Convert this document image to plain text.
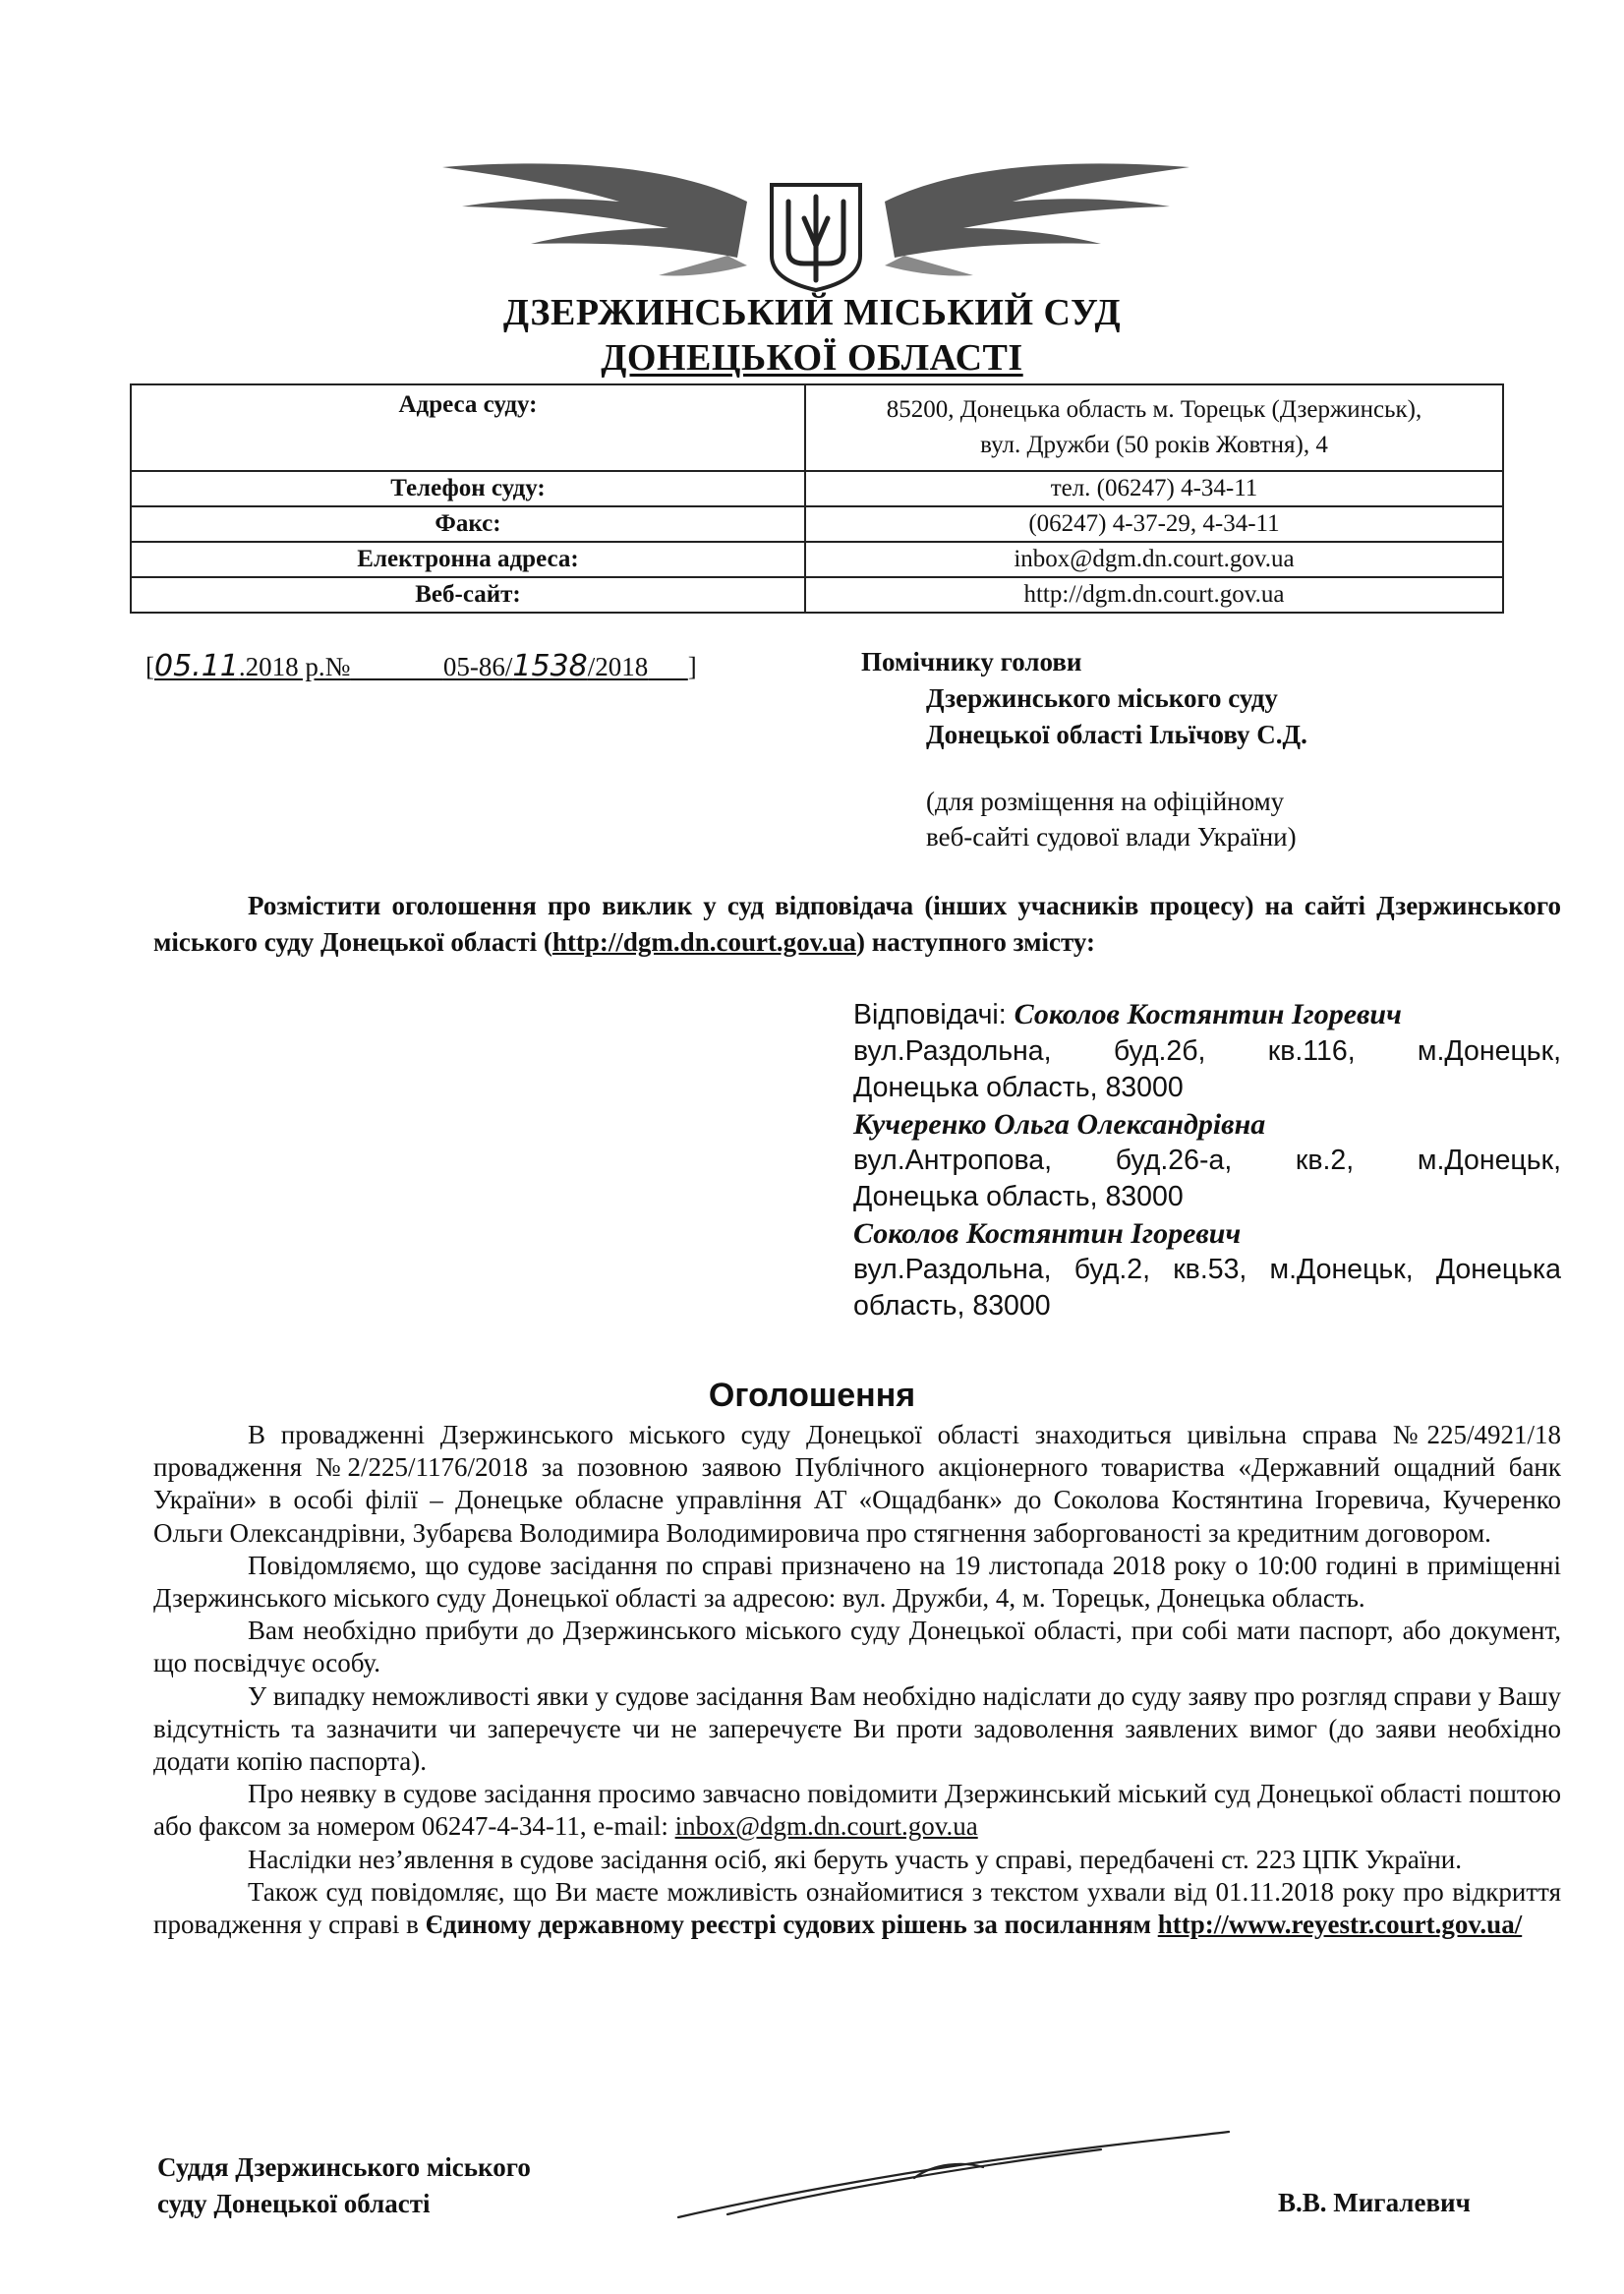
ДЗЕРЖИНСЬКИЙ МІСЬКИЙ СУД
ДОНЕЦЬКОЇ ОБЛАСТІ
Адреса суду:	85200, Донецька область м. Торецьк (Дзержинськ),
вул. Дружби (50 років Жовтня), 4

Телефон суду:	тел. (06247) 4-34-11
Факс:	(06247) 4-37-29, 4-34-11
Електронна адреса:	inbox@dgm.dn.court.gov.ua
Веб-сайт:	http://dgm.dn.court.gov.ua
[05.11.2018 р.№	05-86/1538/2018 ]	Помічнику голови
Дзержинського міського суду
Донецької області Ільїчову С.Д.
(для розміщення на офіційному
веб-сайті судової влади України)
Розмістити оголошення про виклик у суд відповідача (інших учасників процесу) на сайті Дзержинського міського суду Донецької області (http://dgm.dn.court.gov.ua) наступного змісту:
Відповідачі: Соколов Костянтин Ігоревич
вул.Раздольна, буд.2б, кв.116, м.Донецьк,
Донецька область, 83000
Кучеренко Ольга Олександрівна
вул.Антропова, буд.26-а, кв.2, м.Донецьк,
Донецька область, 83000
Соколов Костянтин Ігоревич
вул.Раздольна, буд.2, кв.53, м.Донецьк, Донецька
область, 83000
Оголошення

В провадженні Дзержинського міського суду Донецької області знаходиться цивільна справа №225/4921/18 провадження №2/225/1176/2018 за позовною заявою Публічного акціонерного товариства «Державний ощадний банк України» в особі філії – Донецьке обласне управління АТ «Ощадбанк» до Соколова Костянтина Ігоревича, Кучеренко Ольги Олександрівни, Зубарєва Володимира Володимировича про стягнення заборгованості за кредитним договором.

Повідомляємо, що судове засідання по справі призначено на 19 листопада 2018 року о 10:00 годині в приміщенні Дзержинського міського суду Донецької області за адресою: вул. Дружби, 4, м. Торецьк, Донецька область.

Вам необхідно прибути до Дзержинського міського суду Донецької області, при собі мати паспорт, або документ, що посвідчує особу.

У випадку неможливості явки у судове засідання Вам необхідно надіслати до суду заяву про розгляд справи у Вашу відсутність та зазначити чи заперечуєте чи не заперечуєте Ви проти задоволення заявлених вимог (до заяви необхідно додати копію паспорта).

Про неявку в судове засідання просимо завчасно повідомити Дзержинський міський суд Донецької області поштою або факсом за номером 06247-4-34-11, e-mail: inbox@dgm.dn.court.gov.ua

Наслідки нез’явлення в судове засідання осіб, які беруть участь у справі, передбачені ст. 223 ЦПК України.

Також суд повідомляє, що Ви маєте можливість ознайомитися з текстом ухвали від 01.11.2018 року про відкриття провадження у справі в Єдиному державному реєстрі судових рішень за посиланням http://www.reyestr.court.gov.ua/

Суддя Дзержинського міського
суду Донецької області	В.В. Мигалевич
